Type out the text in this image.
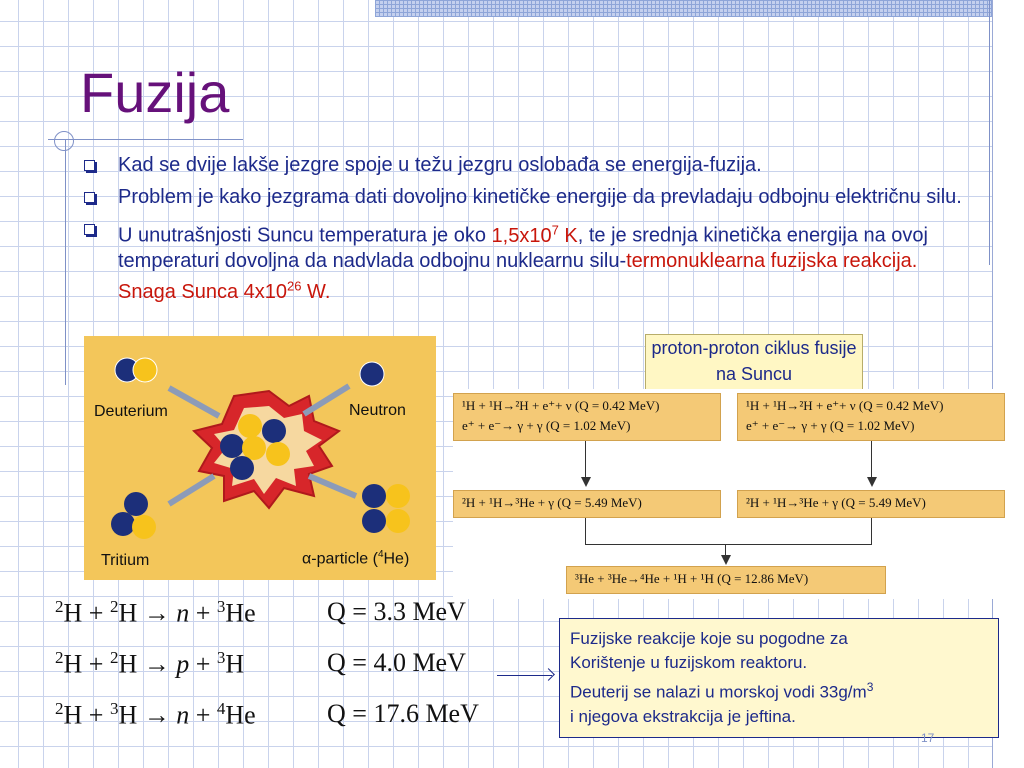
Fuzija
Kad se dvije lakše jezgre spoje u težu jezgru oslobađa se energija-fuzija.
Problem je kako jezgrama dati dovoljno kinetičke energije da prevladaju odbojnu električnu silu.
U unutrašnjosti Suncu temperatura je oko $1,5x10^7$ K, te je srednja kinetička energija na ovoj temperaturi dovoljna da nadvlada odbojnu nuklearnu silu-termonuklearna fuzijska reakcija. Snaga Sunca $4x10^{26}$ W.
Deuterium	Neutron
Tritium	α-particle ($^4$He)
proton-proton ciklus fusije na Suncu
¹H + ¹H→²H + e⁺+ ν (Q = 0.42 MeV)
e⁺ + e⁻→ γ + γ (Q = 1.02 MeV)
¹H + ¹H→²H + e⁺+ ν (Q = 0.42 MeV)
e⁺ + e⁻→ γ + γ (Q = 1.02 MeV)
²H + ¹H→³He + γ (Q = 5.49 MeV)	²H + ¹H→³He + γ (Q = 5.49 MeV)
³He + ³He→⁴He + ¹H + ¹H (Q = 12.86 MeV)
$^2$H + $^2$H → n + $^3$He	Q = 3.3 MeV
$^2$H + $^2$H → p + $^3$H	Q = 4.0 MeV
$^2$H + $^3$H → n + $^4$He	Q = 17.6 MeV
Fuzijske reakcije koje su pogodne za
Korištenje u fuzijskom reaktoru.
Deuterij se nalazi u morskoj vodi $33g/m^3$
i njegova ekstrakcija je jeftina.
17
